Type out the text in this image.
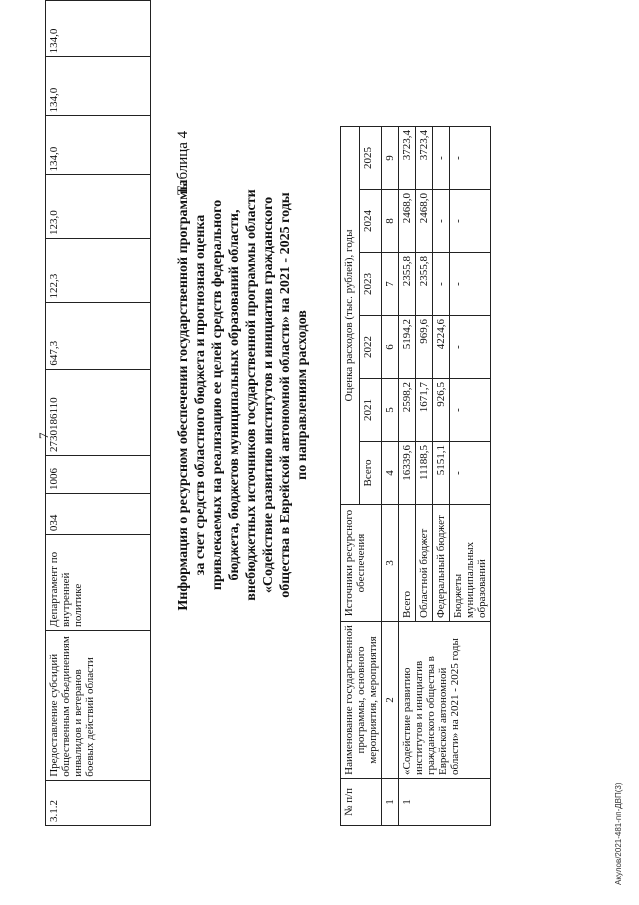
7
3.1.2	Предоставление субсидий общественным объединениям инвалидов и ветеранов боевых действий области	Департамент по внутренней политике	034	1006	2730186110	647,3	122,3	123,0	134,0	134,0	134,0
Таблица 4
Информация о ресурсном обеспечении государственной программы за счет средств областного бюджета и прогнозная оценка привлекаемых на реализацию ее целей средств федерального бюджета, бюджетов муниципальных образований области, внебюджетных источников государственной программы области «Содействие развитию институтов и инициатив гражданского общества в Еврейской автономной области» на 2021 - 2025 годы по направлениям расходов
№ п/п	Наименование государственной программы, основного мероприятия, мероприятия	Источники ресурсного обеспечения	Оценка расходов (тыс. рублей), годы					
			Всего	2021	2022	2023	2024	2025
1	2	3	4	5	6	7	8	9
1	«Содействие развитию институтов и инициатив гражданского общества в Еврейской автономной области» на 2021 - 2025 годы	Всего	16339,6	2598,2	5194,2	2355,8	2468,0	3723,4
		Областной бюджет	11188,5	1671,7	969,6	2355,8	2468,0	3723,4
		Федеральный бюджет	5151,1	926,5	4224,6	-	-	-
		Бюджеты муниципальных образований	-	-	-	-	-	-
Акулов/2021-481-пп-ДВП(3)
